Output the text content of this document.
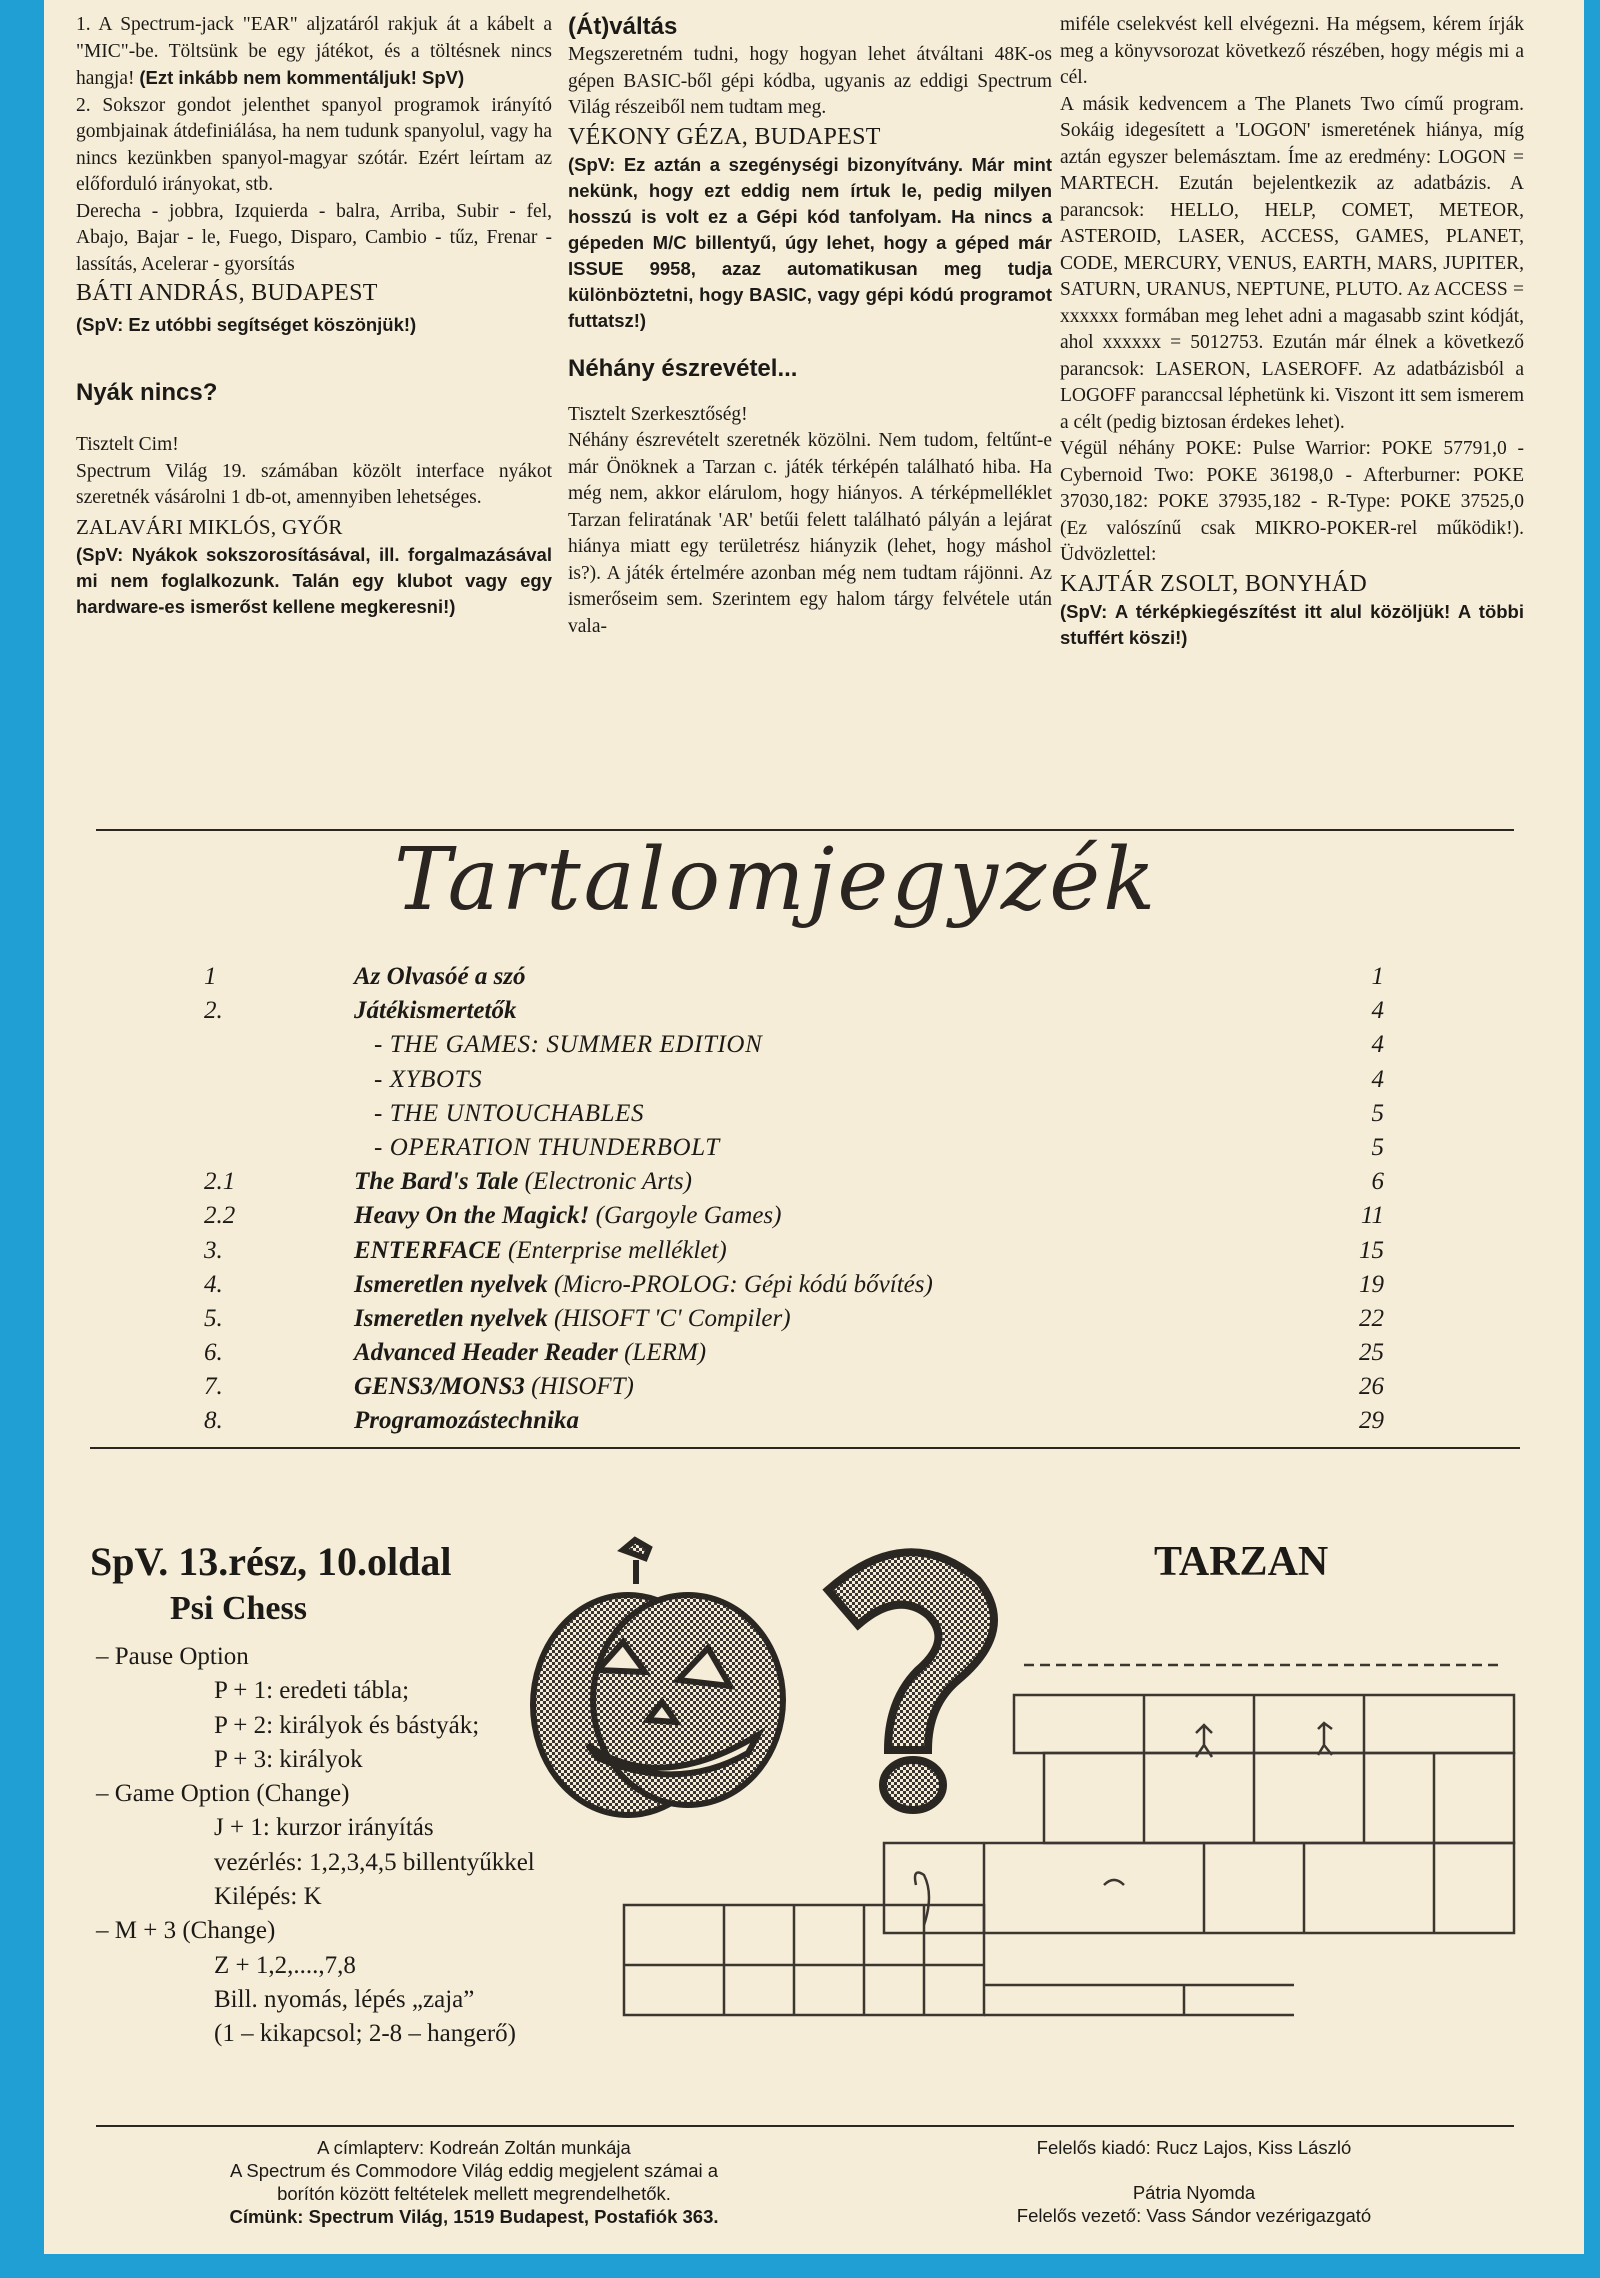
1. A Spectrum-jack "EAR" aljzatáról rakjuk át a kábelt a "MIC"-be. Töltsünk be egy játékot, és a töltésnek nincs hangja! (Ezt inkább nem kommentáljuk! SpV)

2. Sokszor gondot jelenthet spanyol programok irányító gombjainak átdefiniálása, ha nem tudunk spanyolul, vagy ha nincs kezünkben spanyol-magyar szótár. Ezért leírtam az előforduló irányokat, stb.

Derecha - jobbra, Izquierda - balra, Arriba, Subir - fel, Abajo, Bajar - le, Fuego, Disparo, Cambio - tűz, Frenar - lassítás, Acelerar - gyorsítás

BÁTI ANDRÁS, BUDAPEST

(SpV: Ez utóbbi segítséget köszönjük!)

Nyák nincs?

Tisztelt Cim!

Spectrum Világ 19. számában közölt interface nyákot szeretnék vásárolni 1 db-ot, amennyiben lehetséges.

ZALAVÁRI MIKLÓS, GYŐR

(SpV: Nyákok sokszorosításával, ill. forgalmazásával mi nem foglalkozunk. Talán egy klubot vagy egy hardware-es ismerőst kellene megkeresni!)

(Át)váltás

Megszeretném tudni, hogy hogyan lehet átváltani 48K-os gépen BASIC-ből gépi kódba, ugyanis az eddigi Spectrum Világ részeiből nem tudtam meg.

VÉKONY GÉZA, BUDAPEST

(SpV: Ez aztán a szegénységi bizonyítvány. Már mint nekünk, hogy ezt eddig nem írtuk le, pedig milyen hosszú is volt ez a Gépi kód tanfolyam. Ha nincs a gépeden M/C billentyű, úgy lehet, hogy a géped már ISSUE 9958, azaz automatikusan meg tudja különböztetni, hogy BASIC, vagy gépi kódú programot futtatsz!)

Néhány észrevétel...

Tisztelt Szerkesztőség!

Néhány észrevételt szeretnék közölni. Nem tudom, feltűnt-e már Önöknek a Tarzan c. játék térképén található hiba. Ha még nem, akkor elárulom, hogy hiányos. A térképmelléklet Tarzan feliratának 'AR' betűi felett található pályán a lejárat hiánya miatt egy területrész hiányzik (lehet, hogy máshol is?). A játék értelmére azonban még nem tudtam rájönni. Az ismerőseim sem. Szerintem egy halom tárgy felvétele után vala-

miféle cselekvést kell elvégezni. Ha mégsem, kérem írják meg a könyvsorozat következő részében, hogy mégis mi a cél.

A másik kedvencem a The Planets Two című program. Sokáig idegesített a 'LOGON' ismeretének hiánya, míg aztán egyszer belemásztam. Íme az eredmény: LOGON = MARTECH. Ezután bejelentkezik az adatbázis. A parancsok: HELLO, HELP, COMET, METEOR, ASTEROID, LASER, ACCESS, GAMES, PLANET, CODE, MERCURY, VENUS, EARTH, MARS, JUPITER, SATURN, URANUS, NEPTUNE, PLUTO. Az ACCESS = xxxxxx formában meg lehet adni a magasabb szint kódját, ahol xxxxxx = 5012753. Ezután már élnek a következő parancsok: LASERON, LASEROFF. Az adatbázisból a LOGOFF paranccsal léphetünk ki. Viszont itt sem ismerem a célt (pedig biztosan érdekes lehet).

Végül néhány POKE: Pulse Warrior: POKE 57791,0 - Cybernoid Two: POKE 36198,0 - Afterburner: POKE 37030,182: POKE 37935,182 - R-Type: POKE 37525,0 (Ez valószínű csak MIKRO-POKER-rel működik!). Üdvözlettel:

KAJTÁR ZSOLT, BONYHÁD

(SpV: A térképkiegészítést itt alul közöljük! A többi stuffért köszi!)

Tartalomjegyzék
1	Az Olvasóé a szó	1
2.	Játékismertetők	4
- THE GAMES: SUMMER EDITION	4
- XYBOTS	4
- THE UNTOUCHABLES	5
- OPERATION THUNDERBOLT	5
2.1	The Bard's Tale (Electronic Arts)	6
2.2	Heavy On the Magick! (Gargoyle Games)	11
3.	ENTERFACE (Enterprise melléklet)	15
4.	Ismeretlen nyelvek (Micro-PROLOG: Gépi kódú bővítés)	19
5.	Ismeretlen nyelvek (HISOFT 'C' Compiler)	22
6.	Advanced Header Reader (LERM)	25
7.	GENS3/MONS3 (HISOFT)	26
8.	Programozástechnika	29
SpV. 13.rész, 10.oldal
Psi Chess
– Pause Option
P + 1: eredeti tábla;
P + 2: királyok és bástyák;
P + 3: királyok
– Game Option (Change)
J + 1: kurzor irányítás
vezérlés: 1,2,3,4,5 billentyűkkel
Kilépés: K
– M + 3 (Change)
Z + 1,2,....,7,8
Bill. nyomás, lépés „zaja”
(1 – kikapcsol; 2-8 – hangerő)
TARZAN
A címlapterv: Kodreán Zoltán munkája
A Spectrum és Commodore Világ eddig megjelent számai a
borítón között feltételek mellett megrendelhetők.
Címünk: Spectrum Világ, 1519 Budapest, Postafiók 363.
Felelős kiadó: Rucz Lajos, Kiss László
Pátria Nyomda
Felelős vezető: Vass Sándor vezérigazgató
